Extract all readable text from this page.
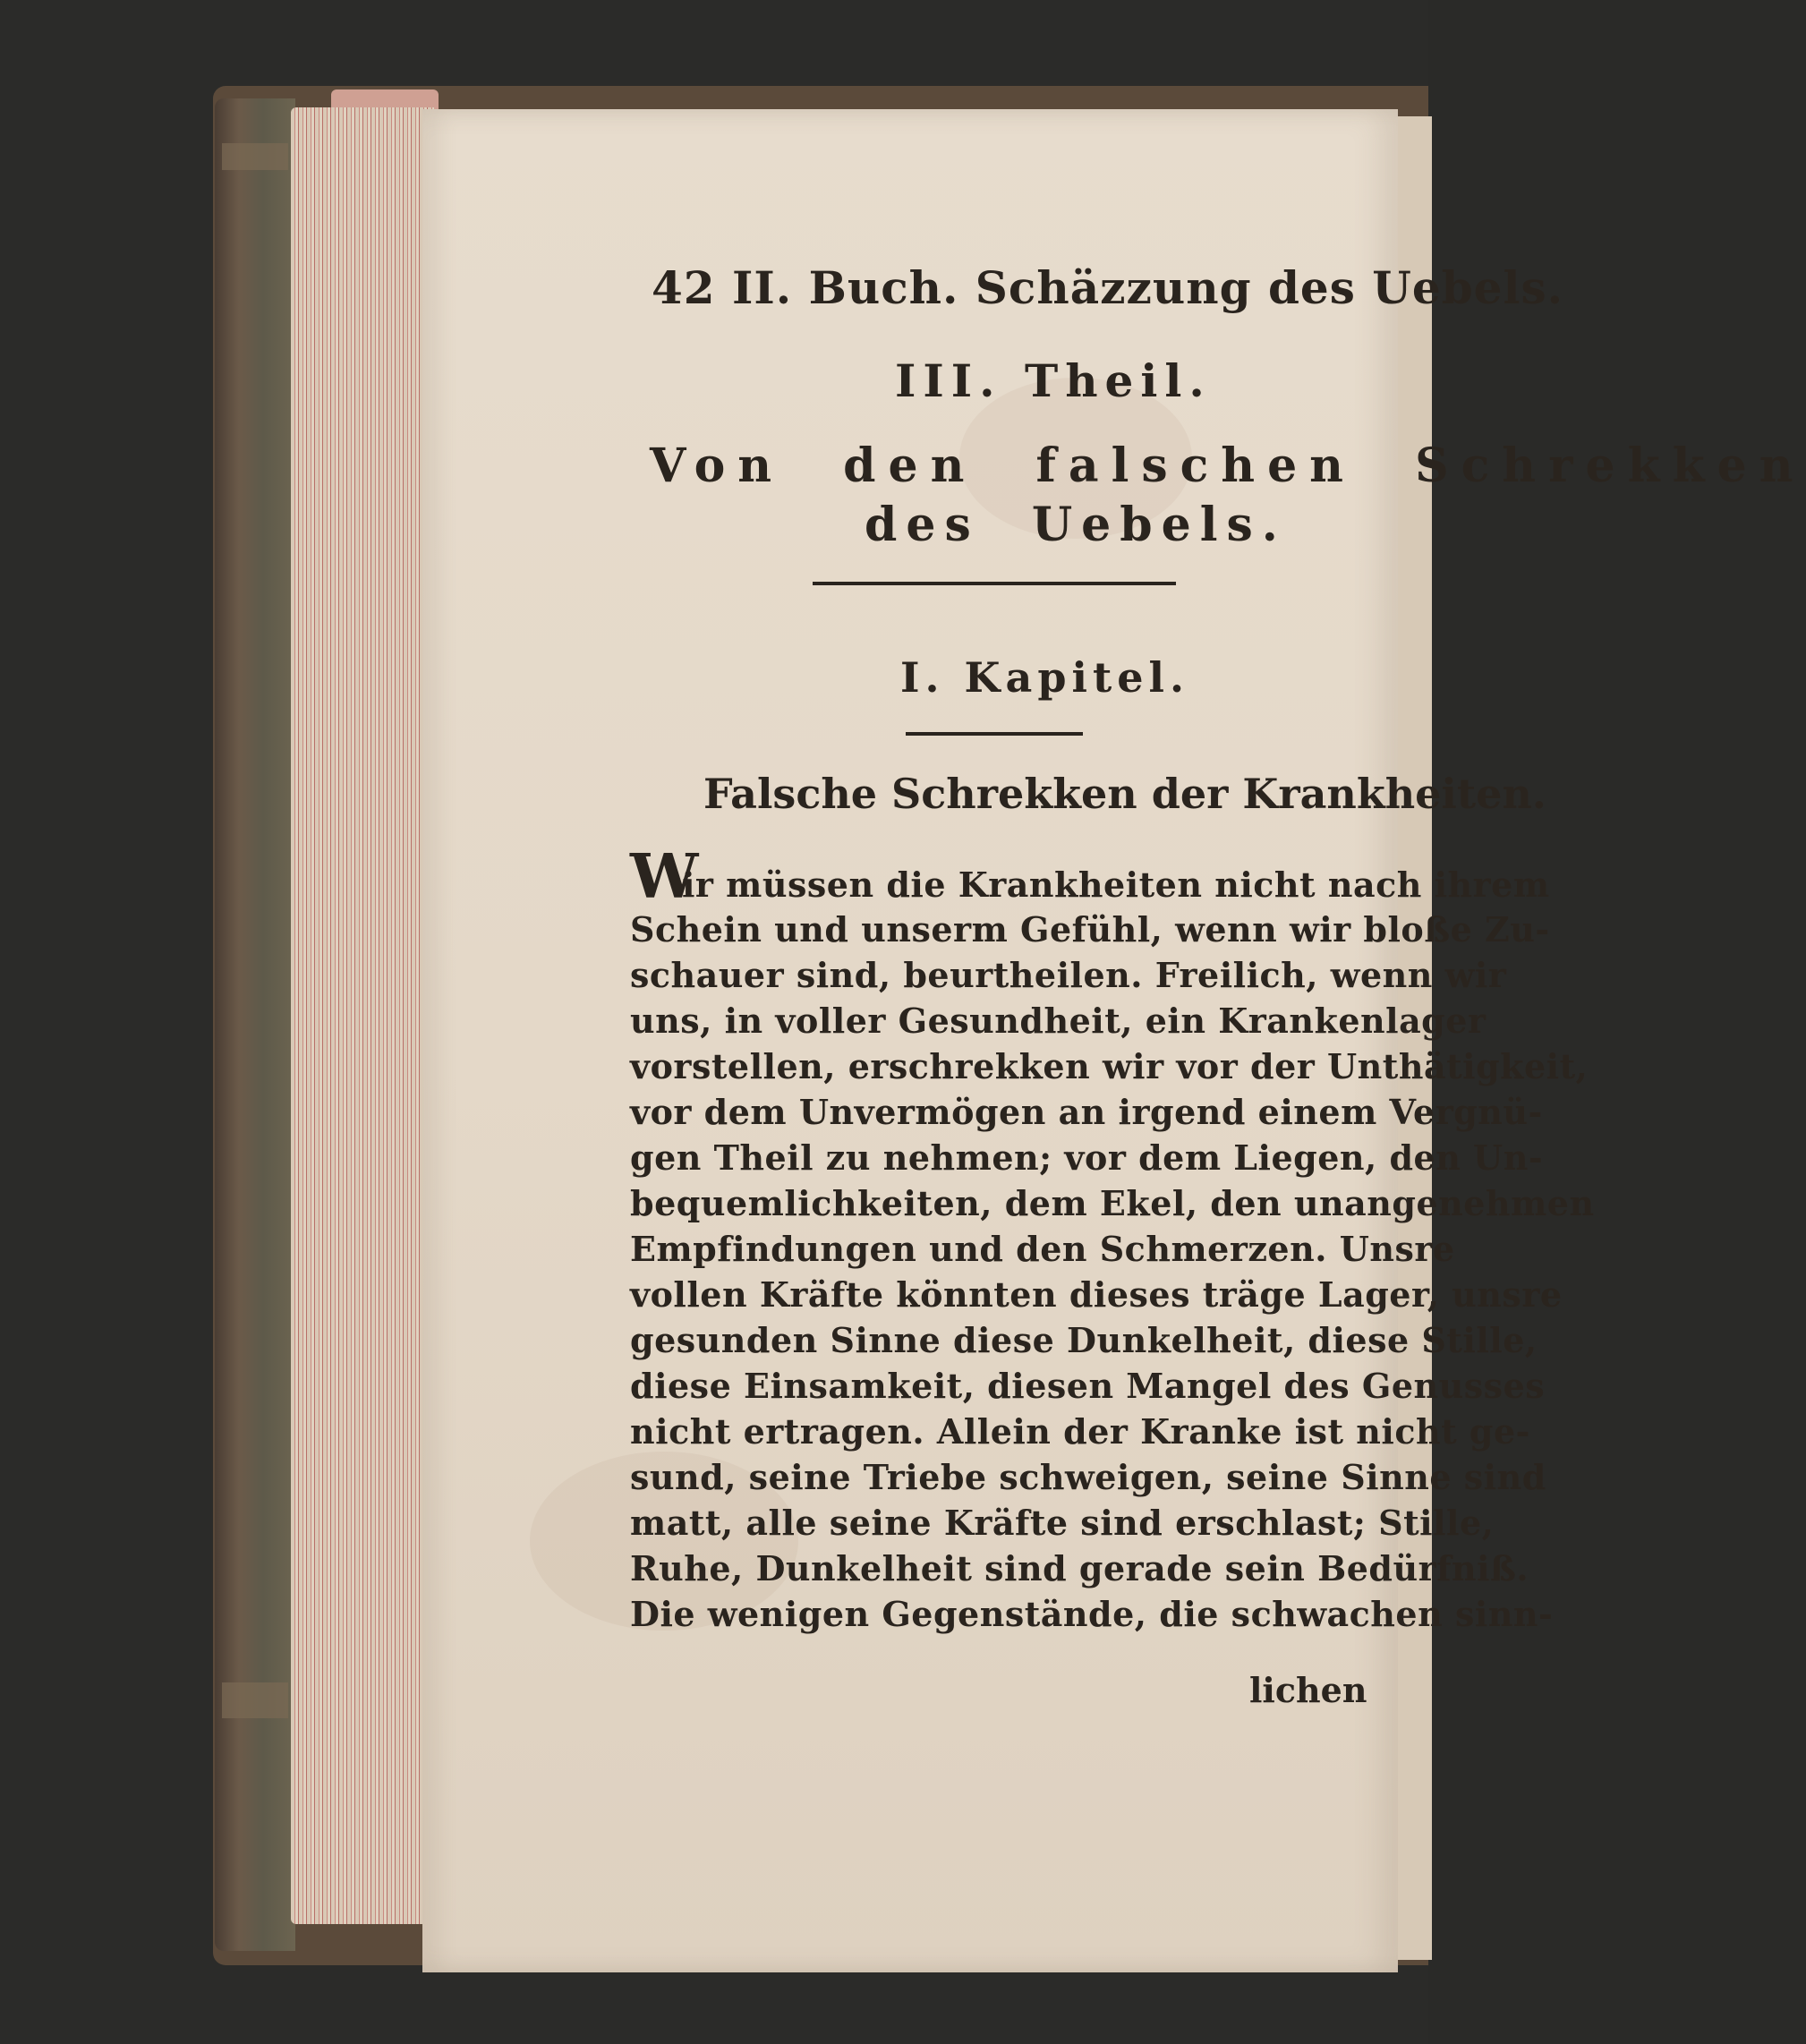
42 II. Buch. Schäzzung des Uebels.
III. Theil.
Von den falschen Schrekken
des Uebels.
I. Kapitel.
Falsche Schrekken der Krankheiten.
W
ir müssen die Krankheiten nicht nach ihrem
Schein und unserm Gefühl, wenn wir bloße Zu-
schauer sind, beurtheilen. Freilich, wenn wir
uns, in voller Gesundheit, ein Krankenlager
vorstellen, erschrekken wir vor der Unthätigkeit,
vor dem Unvermögen an irgend einem Vergnü-
gen Theil zu nehmen; vor dem Liegen, den Un-
bequemlichkeiten, dem Ekel, den unangenehmen
Empfindungen und den Schmerzen. Unsre
vollen Kräfte könnten dieses träge Lager, unsre
gesunden Sinne diese Dunkelheit, diese Stille,
diese Einsamkeit, diesen Mangel des Genusses
nicht ertragen. Allein der Kranke ist nicht ge-
sund, seine Triebe schweigen, seine Sinne sind
matt, alle seine Kräfte sind erschlast; Stille,
Ruhe, Dunkelheit sind gerade sein Bedürfniß.
Die wenigen Gegenstände, die schwachen sinn-
lichen
